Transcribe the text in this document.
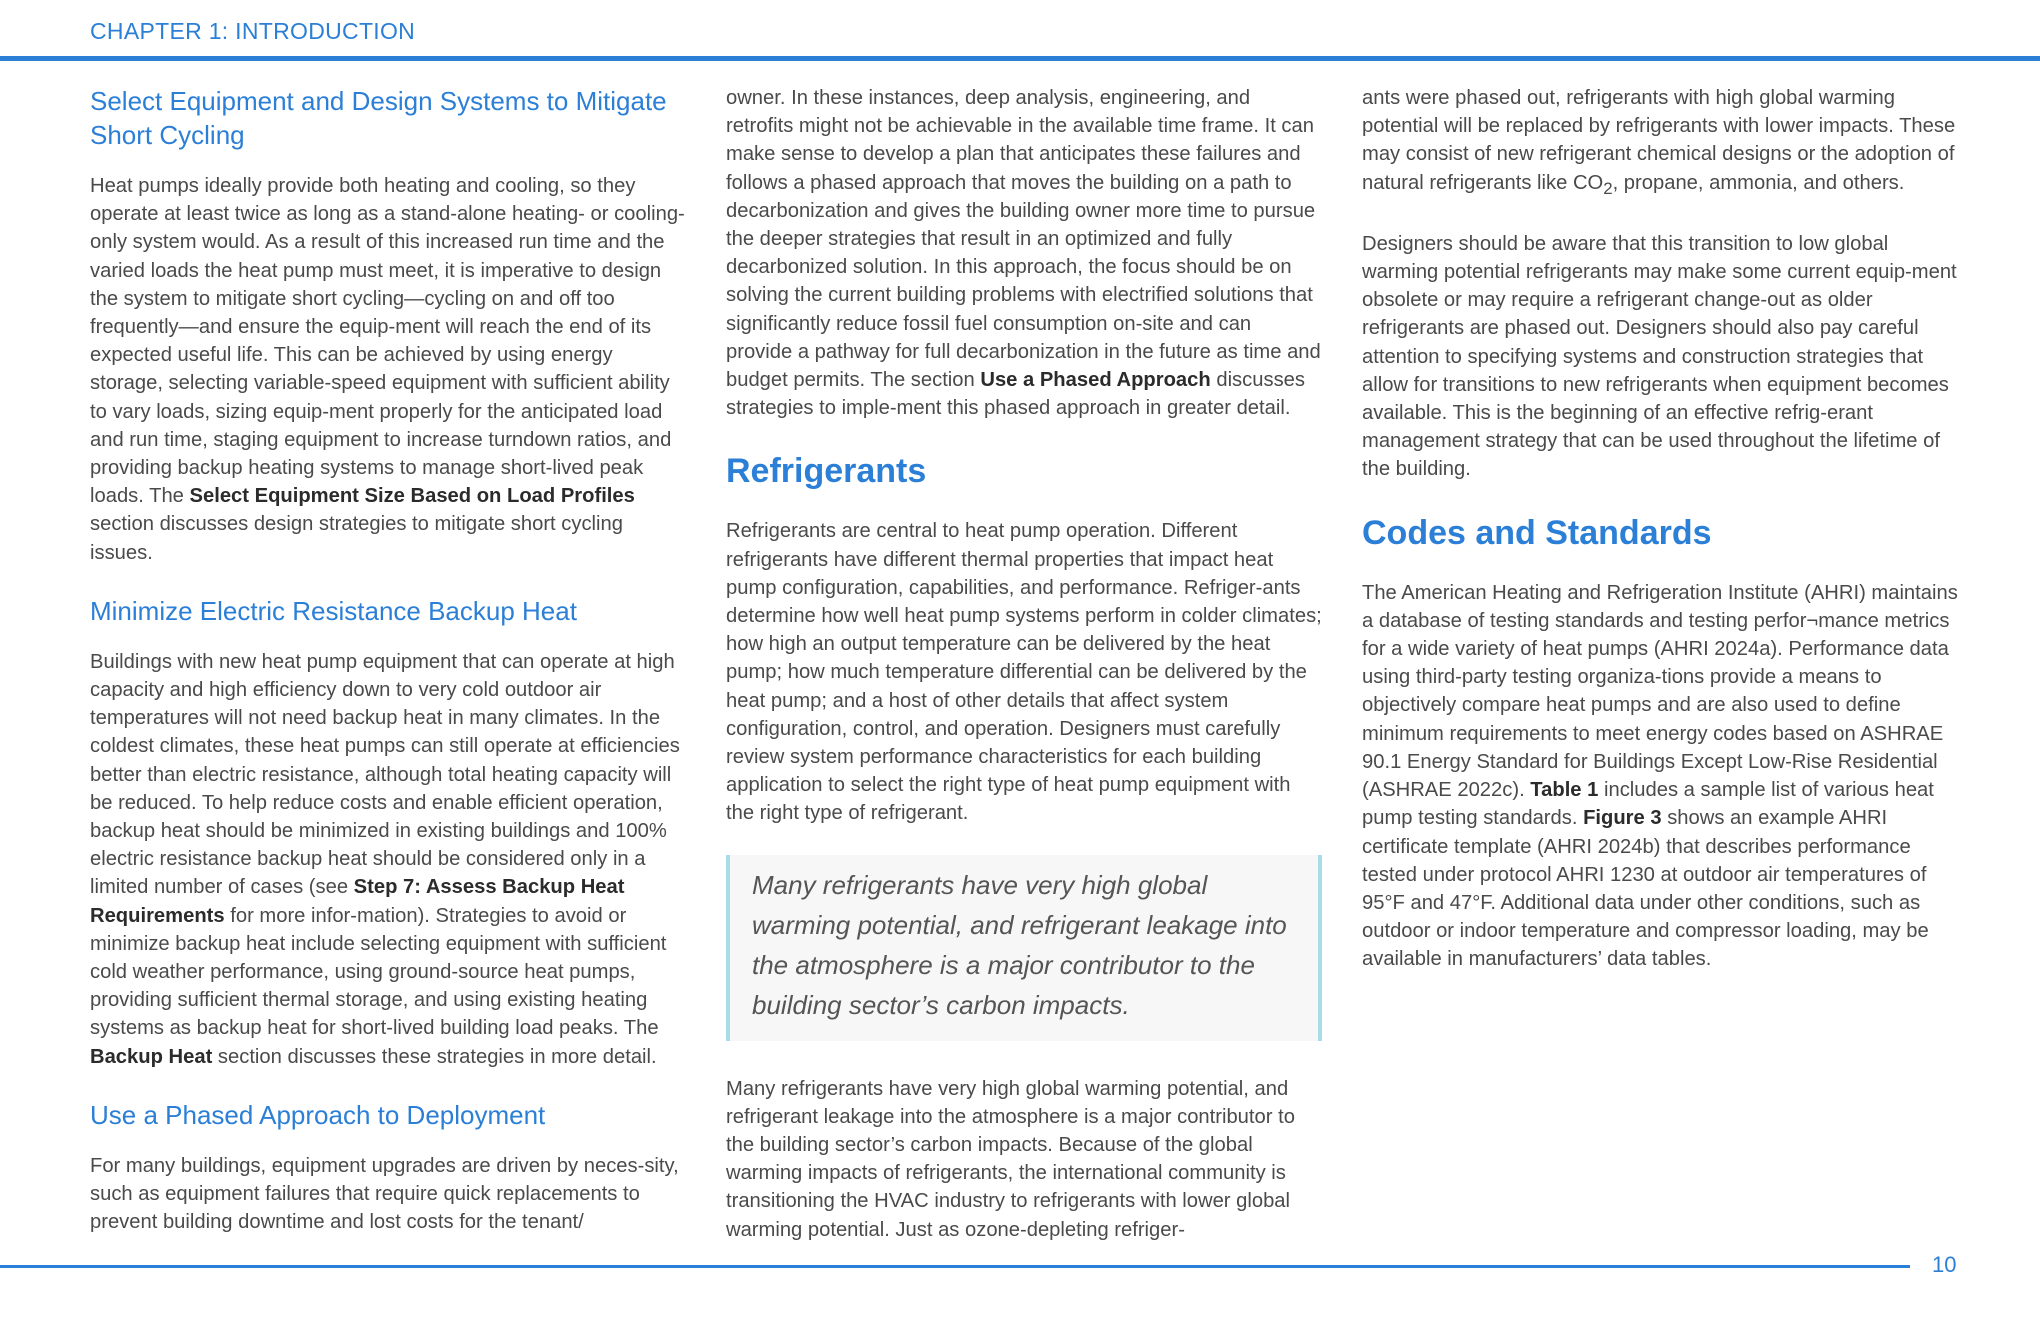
CHAPTER 1: INTRODUCTION
Select Equipment and Design Systems to Mitigate Short Cycling

Heat pumps ideally provide both heating and cooling, so they operate at least twice as long as a stand-alone heating- or cooling-only system would. As a result of this increased run time and the varied loads the heat pump must meet, it is imperative to design the system to mitigate short cycling—cycling on and off too frequently—and ensure the equip-ment will reach the end of its expected useful life. This can be achieved by using energy storage, selecting variable-speed equipment with sufficient ability to vary loads, sizing equip-ment properly for the anticipated load and run time, staging equipment to increase turndown ratios, and providing backup heating systems to manage short-lived peak loads. The Select Equipment Size Based on Load Profiles section discusses design strategies to mitigate short cycling issues.

Minimize Electric Resistance Backup Heat

Buildings with new heat pump equipment that can operate at high capacity and high efficiency down to very cold outdoor air temperatures will not need backup heat in many climates. In the coldest climates, these heat pumps can still operate at efficiencies better than electric resistance, although total heating capacity will be reduced. To help reduce costs and enable efficient operation, backup heat should be minimized in existing buildings and 100% electric resistance backup heat should be considered only in a limited number of cases (see Step 7: Assess Backup Heat Requirements for more infor-mation). Strategies to avoid or minimize backup heat include selecting equipment with sufficient cold weather performance, using ground-source heat pumps, providing sufficient thermal storage, and using existing heating systems as backup heat for short-lived building load peaks. The Backup Heat section discusses these strategies in more detail.

Use a Phased Approach to Deployment

For many buildings, equipment upgrades are driven by neces-sity, such as equipment failures that require quick replacements to prevent building downtime and lost costs for the tenant/

owner. In these instances, deep analysis, engineering, and retrofits might not be achievable in the available time frame. It can make sense to develop a plan that anticipates these failures and follows a phased approach that moves the building on a path to decarbonization and gives the building owner more time to pursue the deeper strategies that result in an optimized and fully decarbonized solution. In this approach, the focus should be on solving the current building problems with electrified solutions that significantly reduce fossil fuel consumption on-site and can provide a pathway for full decarbonization in the future as time and budget permits. The section Use a Phased Approach discusses strategies to imple-ment this phased approach in greater detail.

Refrigerants

Refrigerants are central to heat pump operation. Different refrigerants have different thermal properties that impact heat pump configuration, capabilities, and performance. Refriger-ants determine how well heat pump systems perform in colder climates; how high an output temperature can be delivered by the heat pump; how much temperature differential can be delivered by the heat pump; and a host of other details that affect system configuration, control, and operation. Designers must carefully review system performance characteristics for each building application to select the right type of heat pump equipment with the right type of refrigerant.

Many refrigerants have very high global warming potential, and refrigerant leakage into the atmosphere is a major contributor to the building sector’s carbon impacts.

Many refrigerants have very high global warming potential, and refrigerant leakage into the atmosphere is a major contributor to the building sector’s carbon impacts. Because of the global warming impacts of refrigerants, the international community is transitioning the HVAC industry to refrigerants with lower global warming potential. Just as ozone-depleting refriger-

ants were phased out, refrigerants with high global warming potential will be replaced by refrigerants with lower impacts. These may consist of new refrigerant chemical designs or the adoption of natural refrigerants like $CO_2$, propane, ammonia, and others.

Designers should be aware that this transition to low global warming potential refrigerants may make some current equip-ment obsolete or may require a refrigerant change-out as older refrigerants are phased out. Designers should also pay careful attention to specifying systems and construction strategies that allow for transitions to new refrigerants when equipment becomes available. This is the beginning of an effective refrig-erant management strategy that can be used throughout the lifetime of the building.

Codes and Standards

The American Heating and Refrigeration Institute (AHRI) maintains a database of testing standards and testing perfor¬mance metrics for a wide variety of heat pumps (AHRI 2024a). Performance data using third-party testing organiza-tions provide a means to objectively compare heat pumps and are also used to define minimum requirements to meet energy codes based on ASHRAE 90.1 Energy Standard for Buildings Except Low-Rise Residential (ASHRAE 2022c). Table 1 includes a sample list of various heat pump testing standards. Figure 3 shows an example AHRI certificate template (AHRI 2024b) that describes performance tested under protocol AHRI 1230 at outdoor air temperatures of 95°F and 47°F. Additional data under other conditions, such as outdoor or indoor temperature and compressor loading, may be available in manufacturers’ data tables.

10
